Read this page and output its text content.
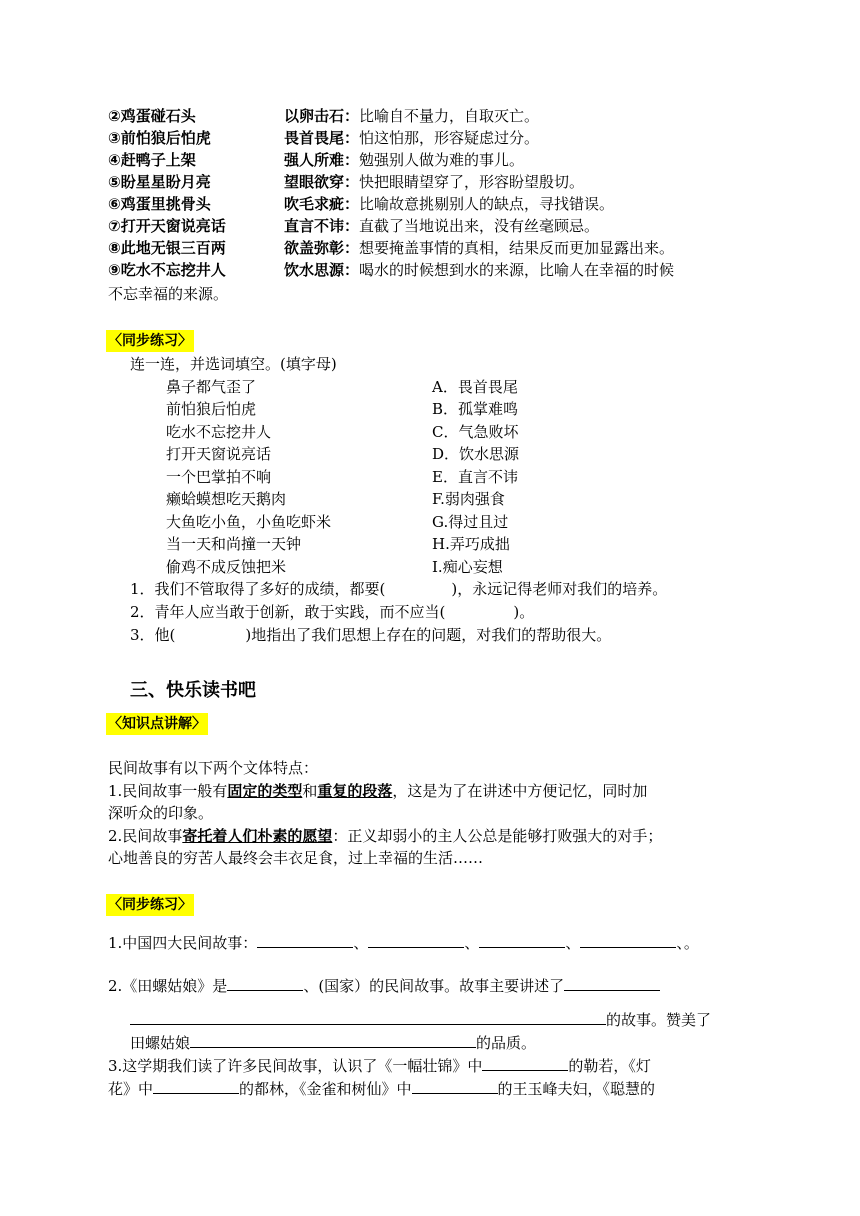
②鸡蛋碰石头	以卵击石：比喻自不量力，自取灭亡。
③前怕狼后怕虎	畏首畏尾：怕这怕那，形容疑虑过分。
④赶鸭子上架	强人所难：勉强别人做为难的事儿。
⑤盼星星盼月亮	望眼欲穿：快把眼睛望穿了，形容盼望殷切。
⑥鸡蛋里挑骨头	吹毛求疵：比喻故意挑剔别人的缺点，寻找错误。
⑦打开天窗说亮话	直言不讳：直截了当地说出来，没有丝毫顾忌。
⑧此地无银三百两	欲盖弥彰：想要掩盖事情的真相，结果反而更加显露出来。
⑨吃水不忘挖井人	饮水思源：喝水的时候想到水的来源，比喻人在幸福的时候
不忘幸福的来源。
〈同步练习〉
连一连，并选词填空。(填字母)
鼻子都气歪了	A．畏首畏尾
前怕狼后怕虎	B．孤掌难鸣
吃水不忘挖井人	C．气急败坏
打开天窗说亮话	D．饮水思源
一个巴掌拍不响	E．直言不讳
癞蛤蟆想吃天鹅肉	F.弱肉强食
大鱼吃小鱼，小鱼吃虾米	G.得过且过
当一天和尚撞一天钟	H.弄巧成拙
偷鸡不成反蚀把米	I.痴心妄想
1．我们不管取得了多好的成绩，都要(	)，永远记得老师对我们的培养。
2．青年人应当敢于创新，敢于实践，而不应当(	)。
3．他(	)地指出了我们思想上存在的问题，对我们的帮助很大。
三、快乐读书吧
〈知识点讲解〉
民间故事有以下两个文体特点：
1.民间故事一般有固定的类型和重复的段落，这是为了在讲述中方便记忆，同时加
深听众的印象。
2.民间故事寄托着人们朴素的愿望：正义却弱小的主人公总是能够打败强大的对手；
心地善良的穷苦人最终会丰衣足食，过上幸福的生活……
〈同步练习〉
1.中国四大民间故事：	、	、	、	、。
2.《田螺姑娘》是	、(国家）的民间故事。故事主要讲述了
的故事。赞美了
田螺姑娘	的品质。
3.这学期我们读了许多民间故事，认识了《一幅壮锦》中	的勒若，《灯
花》中	的都林，《金雀和树仙》中	的王玉峰夫妇，《聪慧的
